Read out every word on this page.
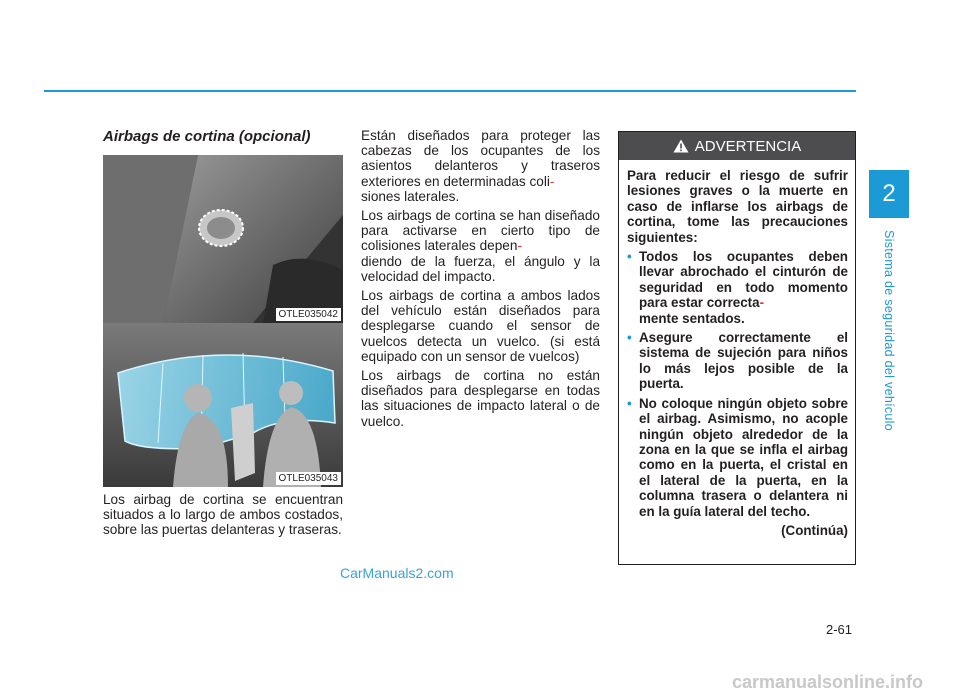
2
Sistema de seguridad del vehículo
Airbags de cortina (opcional)
OTLE035042
OTLE035043

Los airbag de cortina se encuentran situados a lo largo de ambos costados, sobre las puertas delanteras y traseras.

Están diseñados para proteger las cabezas de los ocupantes de los asientos delanteros y traseros exteriores en determinadas coli-
siones laterales.

Los airbags de cortina se han diseñado para activarse en cierto tipo de colisiones laterales depen-
diendo de la fuerza, el ángulo y la velocidad del impacto.

Los airbags de cortina a ambos lados del vehículo están diseñados para desplegarse cuando el sensor de vuelcos detecta un vuelco. (si está equipado con un sensor de vuelcos)

Los airbags de cortina no están diseñados para desplegarse en todas las situaciones de impacto lateral o de vuelco.

ADVERTENCIA

Para reducir el riesgo de sufrir lesiones graves o la muerte en caso de inflarse los airbags de cortina, tome las precauciones siguientes:

• Todos los ocupantes deben llevar abrochado el cinturón de seguridad en todo momento para estar correcta-
mente sentados.
• Asegure correctamente el sistema de sujeción para niños lo más lejos posible de la puerta.
• No coloque ningún objeto sobre el airbag. Asimismo, no acople ningún objeto alrededor de la zona en la que se infla el airbag como en la puerta, el cristal en el lateral de la puerta, en la columna trasera o delantera ni en la guía lateral del techo.
(Continúa)
2-61
CarManuals2.com
carmanualsonline.info
